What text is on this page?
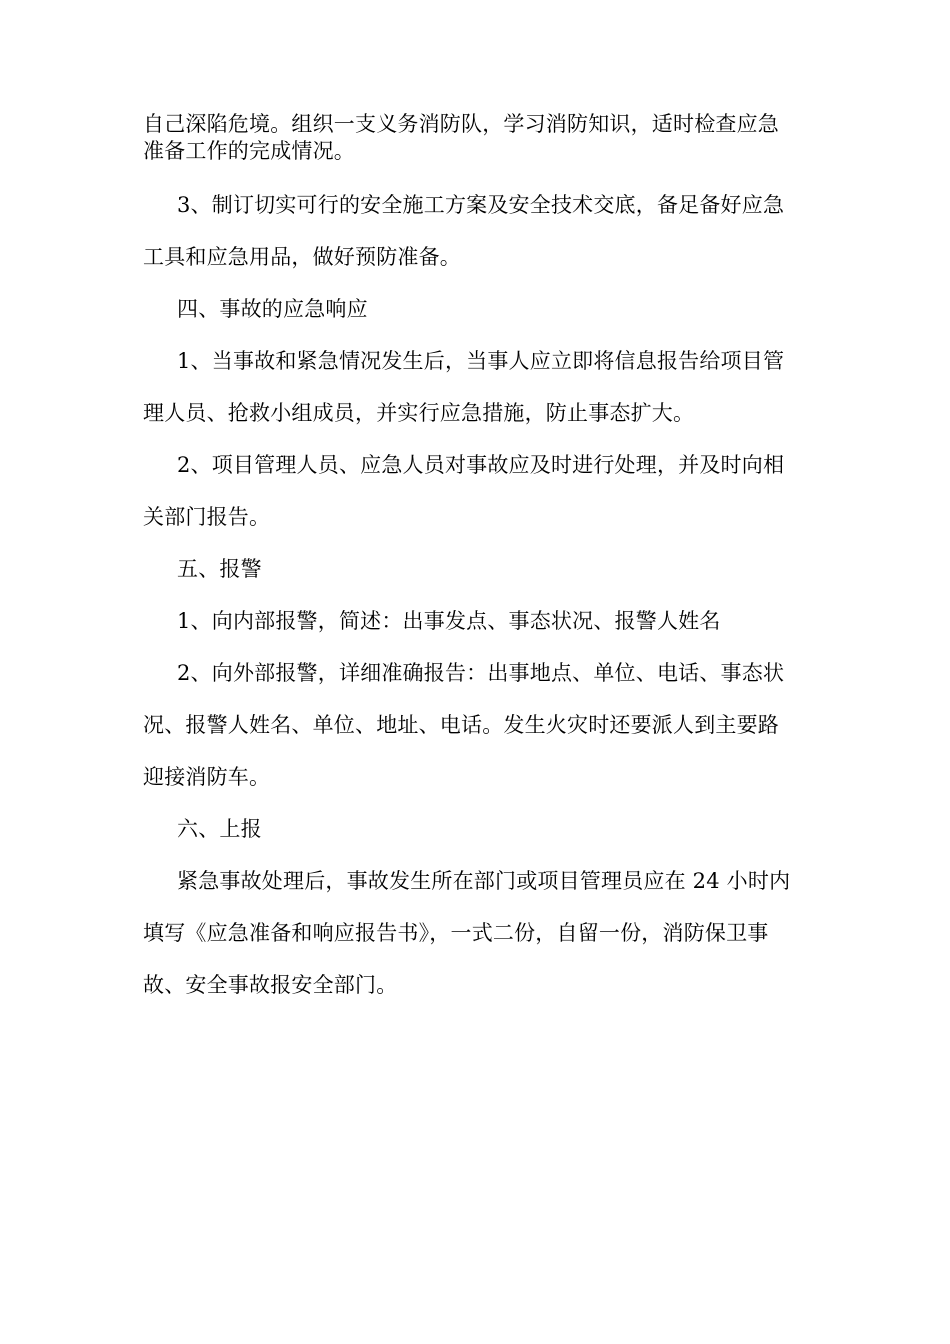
自己深陷危境。组织一支义务消防队，学习消防知识，适时检查应急
准备工作的完成情况。
3、制订切实可行的安全施工方案及安全技术交底，备足备好应急
工具和应急用品，做好预防准备。
四、事故的应急响应
1、当事故和紧急情况发生后，当事人应立即将信息报告给项目管
理人员、抢救小组成员，并实行应急措施，防止事态扩大。
2、项目管理人员、应急人员对事故应及时进行处理，并及时向相
关部门报告。
五、报警
1、向内部报警，简述：出事发点、事态状况、报警人姓名
2、向外部报警，详细准确报告：出事地点、单位、电话、事态状
况、报警人姓名、单位、地址、电话。发生火灾时还要派人到主要路
迎接消防车。
六、上报
紧急事故处理后，事故发生所在部门或项目管理员应在 24 小时内
填写《应急准备和响应报告书》，一式二份，自留一份，消防保卫事
故、安全事故报安全部门。
